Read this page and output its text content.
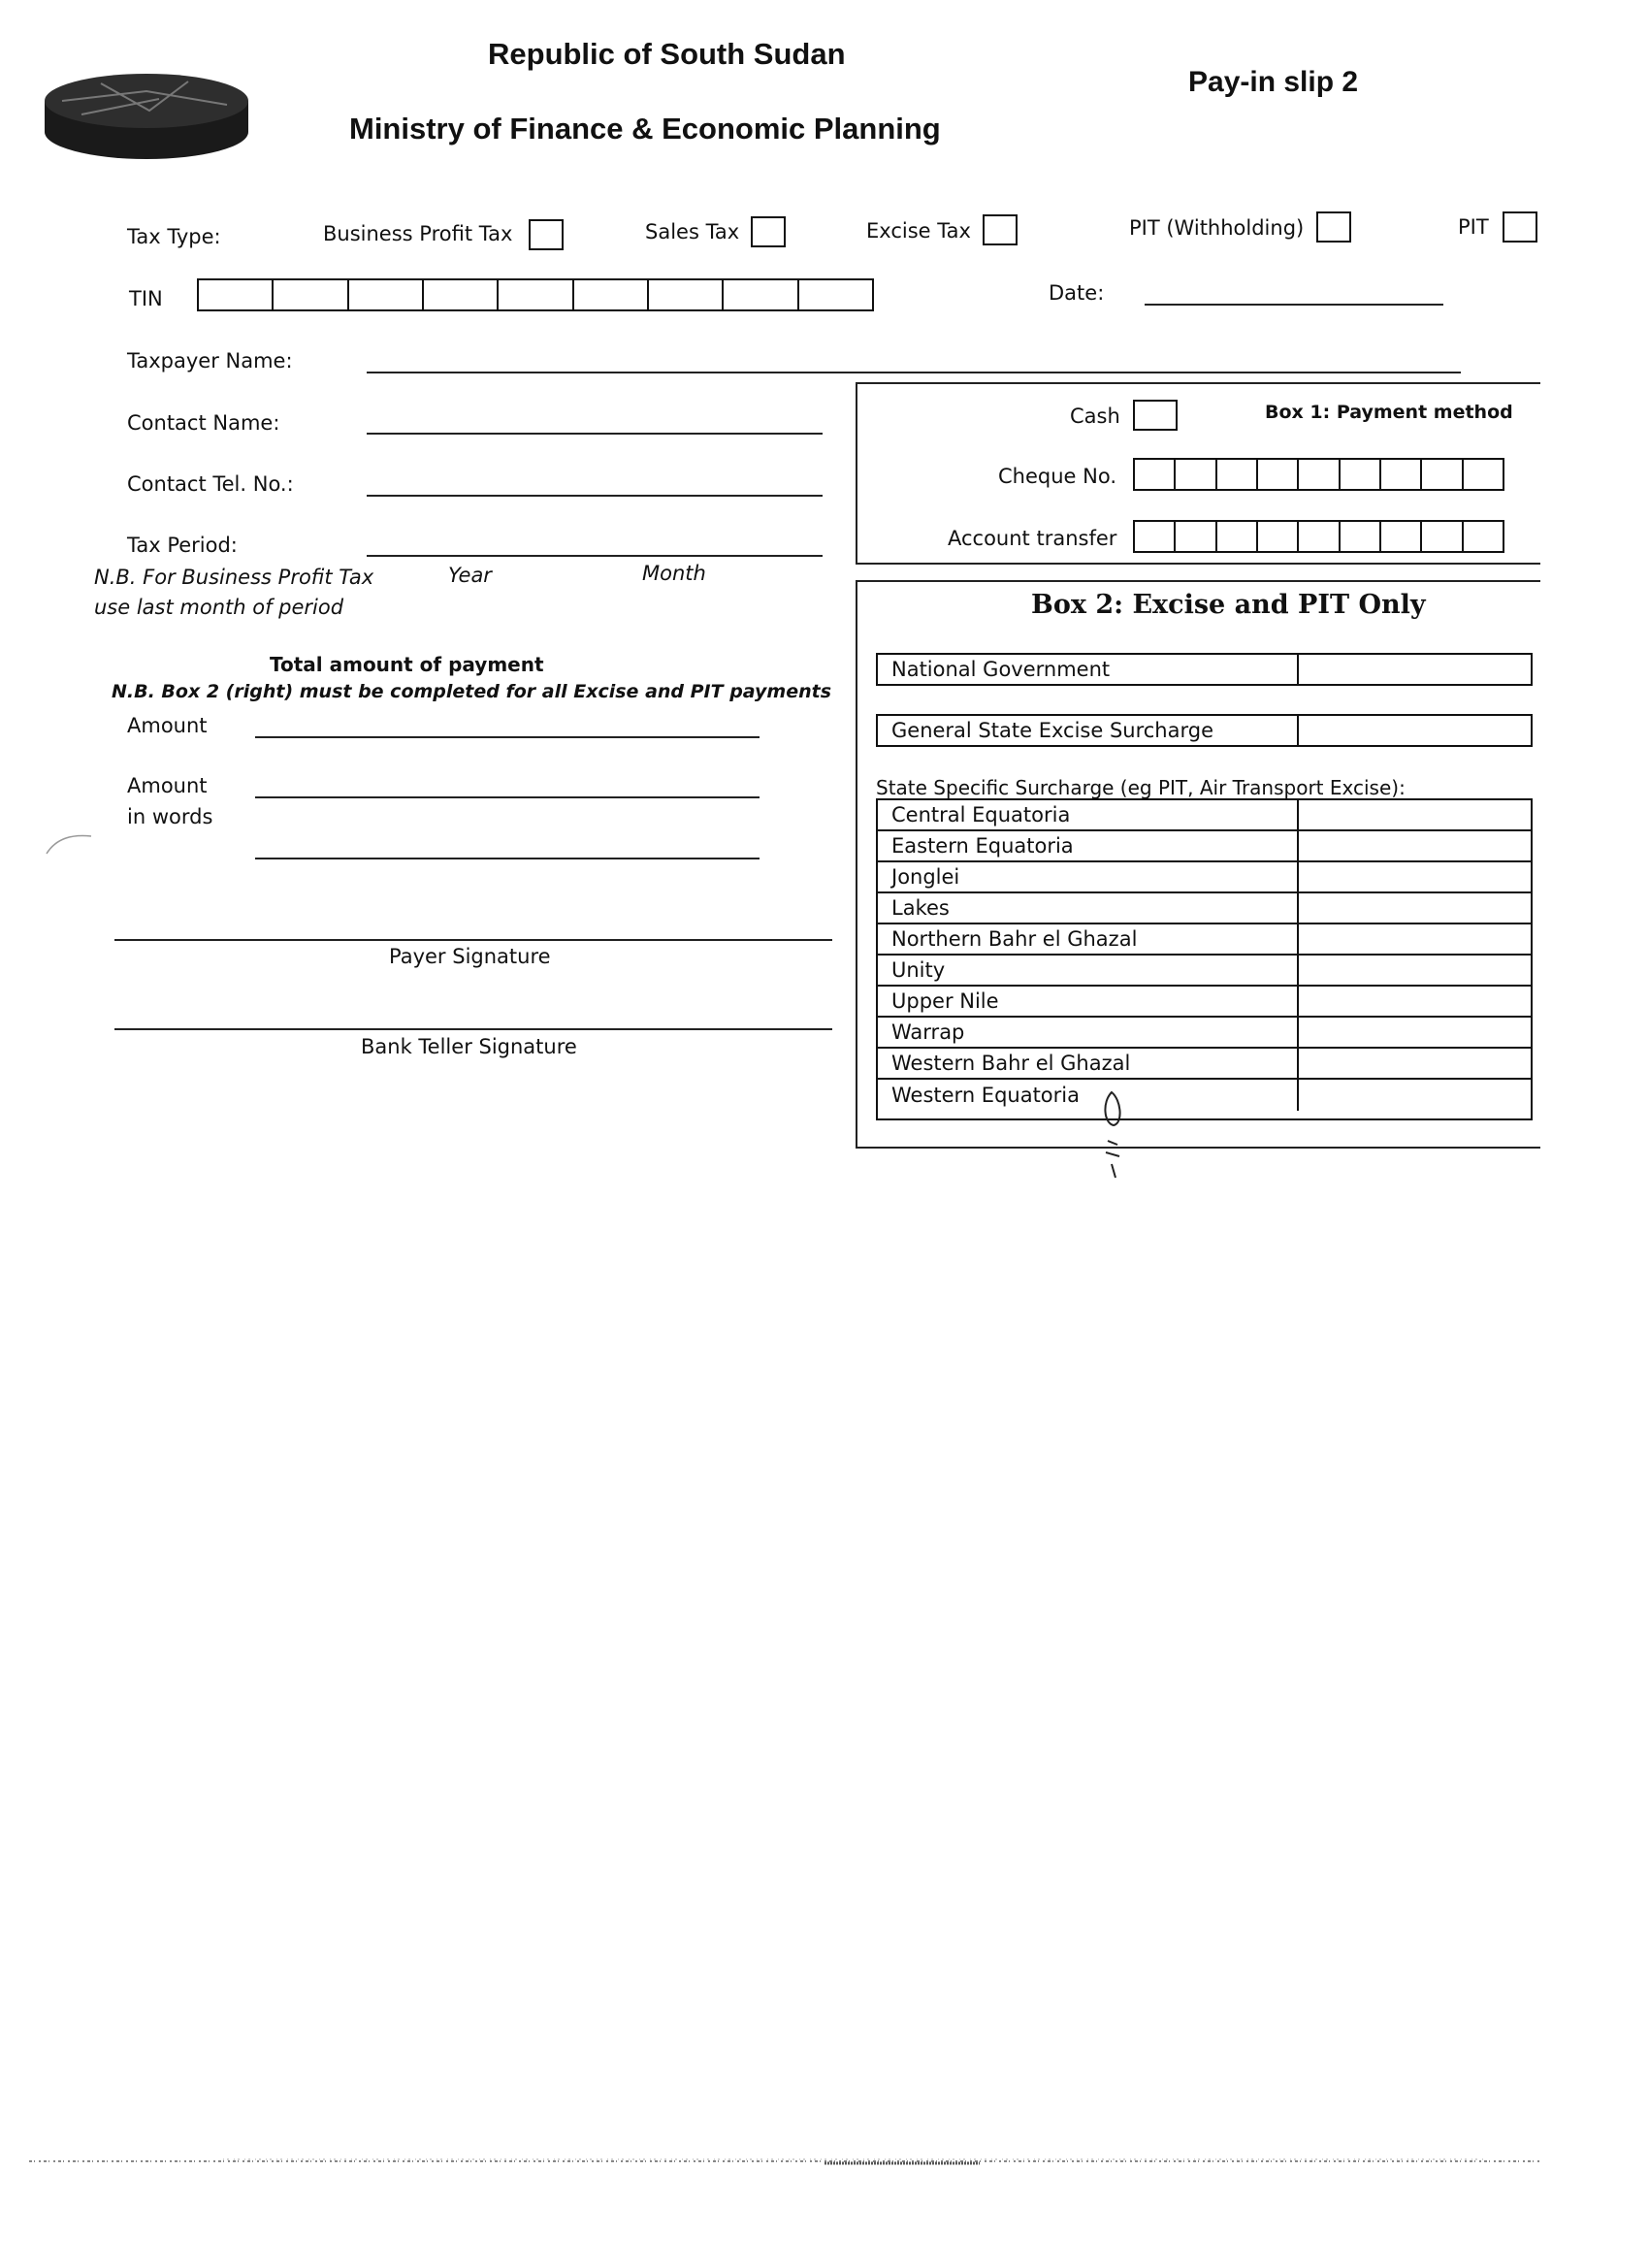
Republic of South Sudan
Ministry of Finance & Economic Planning
Pay-in slip 2
Tax Type:	Business Profit Tax	Sales Tax	Excise Tax	PIT (Withholding)	PIT
TIN	Date:
Taxpayer Name:
Contact Name:
Contact Tel. No.:
Tax Period:
N.B. For Business Profit Tax
use last month of period
Year	Month
Total amount of payment
N.B. Box 2 (right) must be completed for all Excise and PIT payments
Amount
Amount
in words
Payer Signature
Bank Teller Signature
Cash	Box 1: Payment method
Cheque No.
Account transfer
Box 2: Excise and PIT Only
National Government
General State Excise Surcharge
State Specific Surcharge (eg PIT, Air Transport Excise):
Central Equatoria
Eastern Equatoria
Jonglei
Lakes
Northern Bahr el Ghazal
Unity
Upper Nile
Warrap
Western Bahr el Ghazal
Western Equatoria
